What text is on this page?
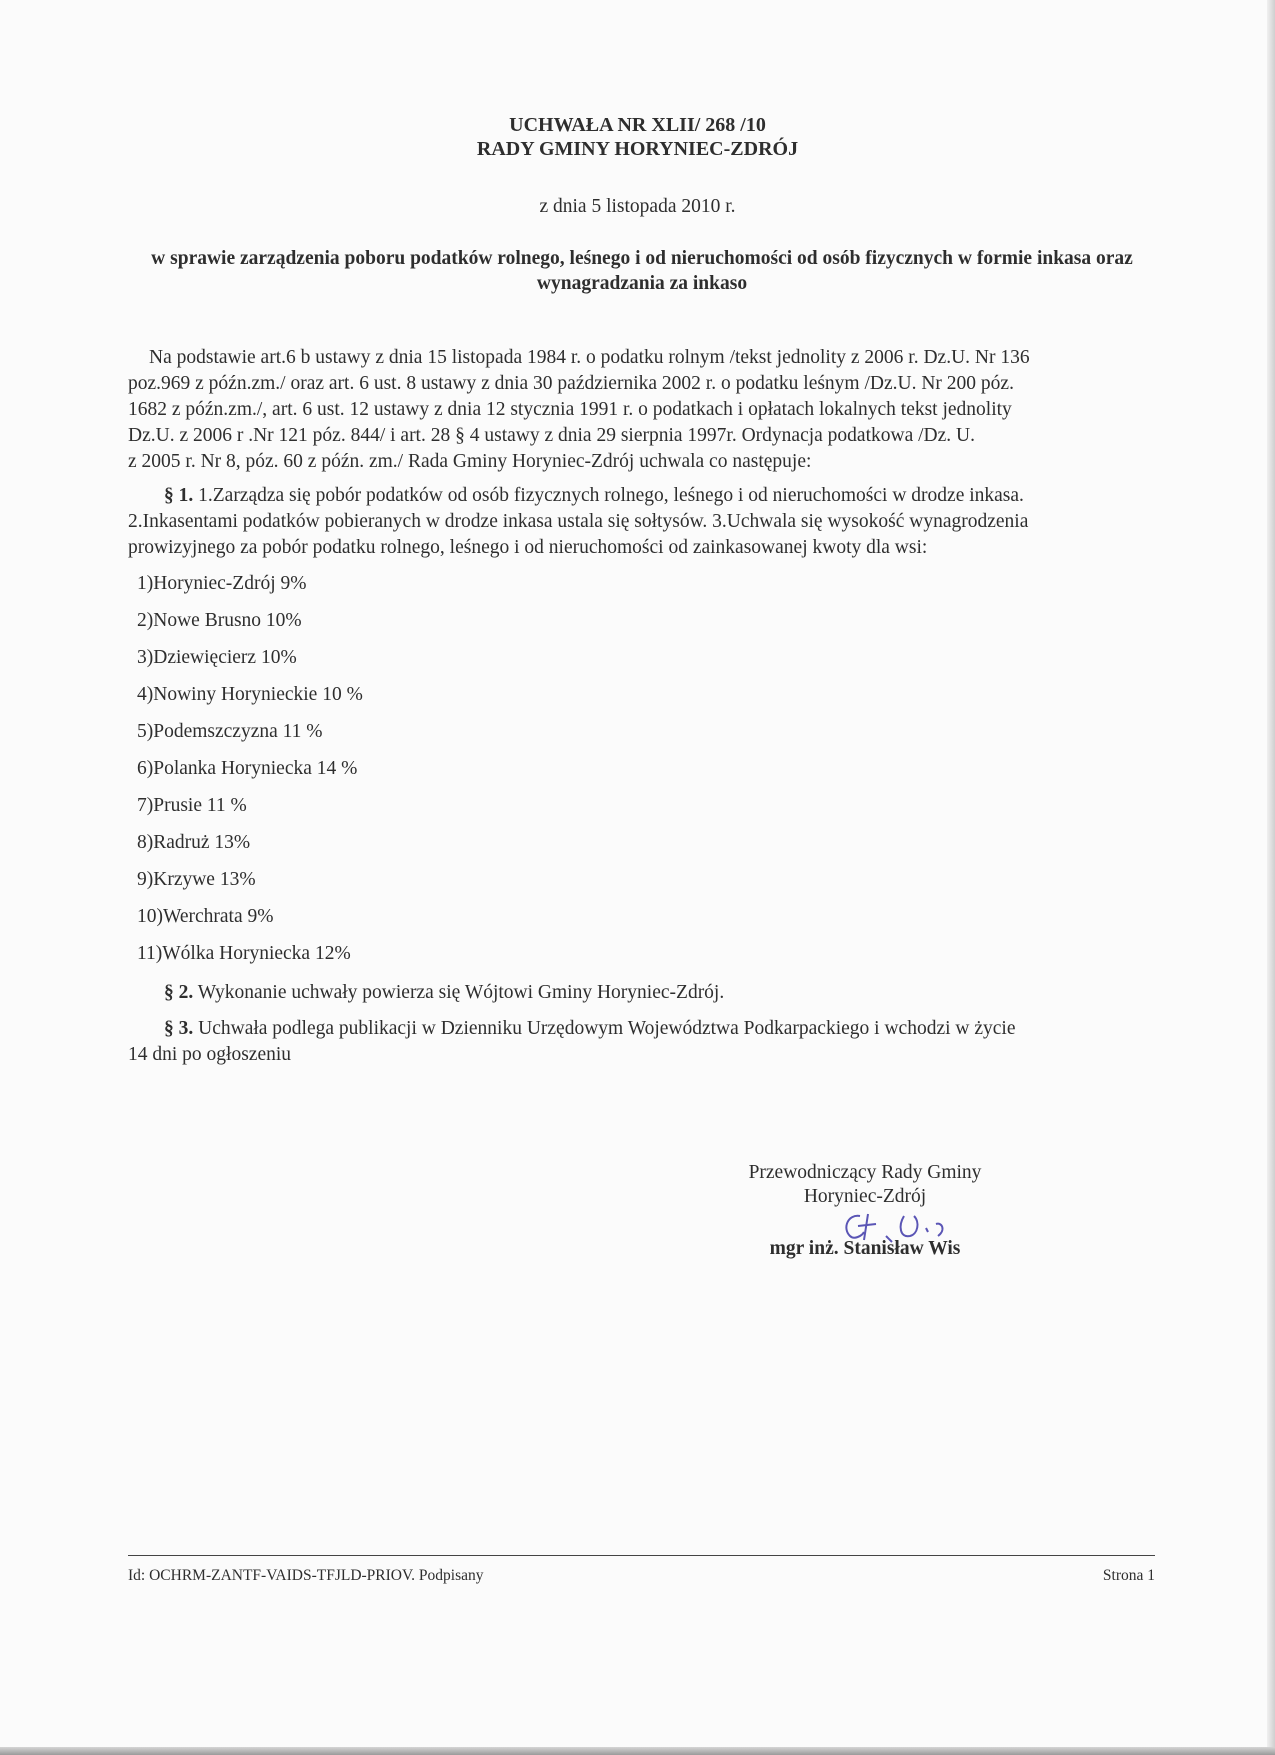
UCHWAŁA NR XLII/ 268 /10
RADY GMINY HORYNIEC-ZDRÓJ
z dnia 5 listopada 2010 r.
w sprawie zarządzenia poboru podatków rolnego, leśnego i od nieruchomości od osób fizycznych w formie inkasa oraz wynagradzania za inkaso
Na podstawie art.6 b ustawy z dnia 15 listopada 1984 r. o podatku rolnym /tekst jednolity z 2006 r. Dz.U. Nr 136
poz.969 z późn.zm./ oraz art. 6 ust. 8 ustawy z dnia 30 października 2002 r. o podatku leśnym /Dz.U. Nr 200 póz.
1682 z późn.zm./, art. 6 ust. 12 ustawy z dnia 12 stycznia 1991 r. o podatkach i opłatach lokalnych tekst jednolity
Dz.U. z 2006 r .Nr 121 póz. 844/ i art. 28 § 4 ustawy z dnia 29 sierpnia 1997r. Ordynacja podatkowa /Dz. U.
z 2005 r. Nr 8, póz. 60 z późn. zm./ Rada Gminy Horyniec-Zdrój uchwala co następuje:
§ 1. 1.Zarządza się pobór podatków od osób fizycznych rolnego, leśnego i od nieruchomości w drodze inkasa.
2.Inkasentami podatków pobieranych w drodze inkasa ustala się sołtysów. 3.Uchwala się wysokość wynagrodzenia
prowizyjnego za pobór podatku rolnego, leśnego i od nieruchomości od zainkasowanej kwoty dla wsi:
1)Horyniec-Zdrój 9%
2)Nowe Brusno 10%
3)Dziewięcierz 10%
4)Nowiny Horynieckie 10 %
5)Podemszczyzna 11 %
6)Polanka Horyniecka 14 %
7)Prusie 11 %
8)Radruż 13%
9)Krzywe 13%
10)Werchrata 9%
11)Wólka Horyniecka 12%
§ 2. Wykonanie uchwały powierza się Wójtowi Gminy Horyniec-Zdrój.
§ 3. Uchwała podlega publikacji w Dzienniku Urzędowym Województwa Podkarpackiego i wchodzi w życie
14 dni po ogłoszeniu
Przewodniczący Rady Gminy
Horyniec-Zdrój
mgr inż. Stanisław Wis
Id: OCHRM-ZANTF-VAIDS-TFJLD-PRIOV. Podpisany	Strona 1
